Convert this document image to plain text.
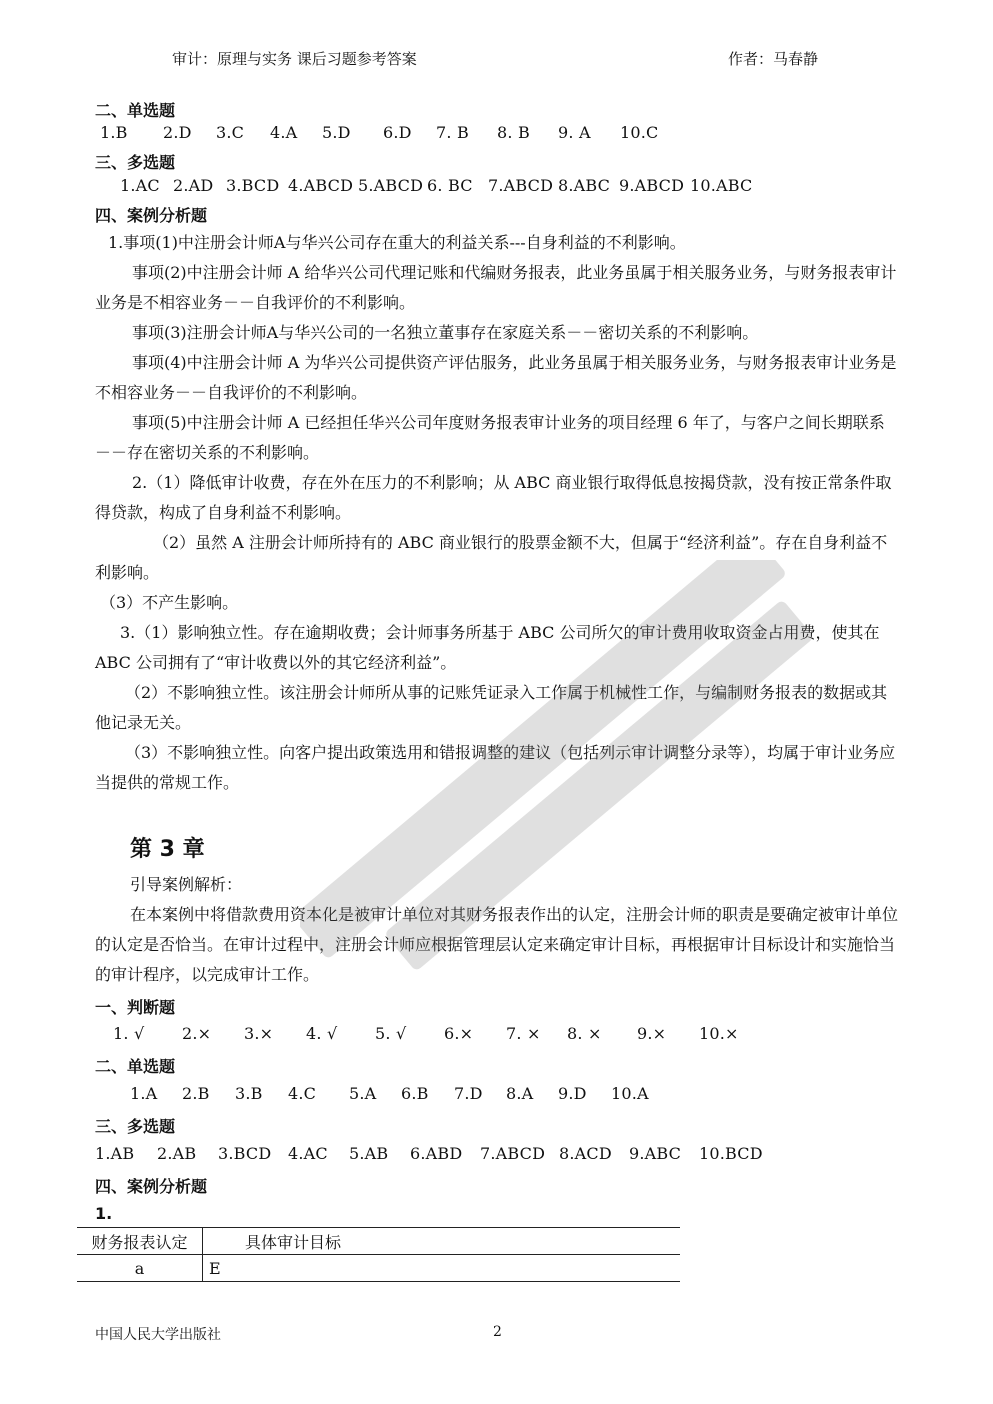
审计：原理与实务 课后习题参考答案	作者：马春静
二、单选题
1.B 2.D 3.C 4.A 5.D 6.D 7. B 8. B 9. A 10.C
三、多选题
1.AC 2.AD 3.BCD 4.ABCD 5.ABCD 6. BC 7.ABCD 8.ABC 9.ABCD 10.ABC
四、案例分析题
1.事项(1)中注册会计师A与华兴公司存在重大的利益关系---自身利益的不利影响。
事项(2)中注册会计师 A 给华兴公司代理记账和代编财务报表，此业务虽属于相关服务业务，与财务报表审计业务是不相容业务－－自我评价的不利影响。
事项(3)注册会计师A与华兴公司的一名独立董事存在家庭关系－－密切关系的不利影响。
事项(4)中注册会计师 A 为华兴公司提供资产评估服务，此业务虽属于相关服务业务，与财务报表审计业务是不相容业务－－自我评价的不利影响。
事项(5)中注册会计师 A 已经担任华兴公司年度财务报表审计业务的项目经理 6 年了，与客户之间长期联系－－存在密切关系的不利影响。
2.（1）降低审计收费，存在外在压力的不利影响；从 ABC 商业银行取得低息按揭贷款，没有按正常条件取得贷款，构成了自身利益不利影响。
（2）虽然 A 注册会计师所持有的 ABC 商业银行的股票金额不大，但属于“经济利益”。存在自身利益不利影响。
（3）不产生影响。
3.（1）影响独立性。存在逾期收费；会计师事务所基于 ABC 公司所欠的审计费用收取资金占用费，使其在 ABC 公司拥有了“审计收费以外的其它经济利益”。
（2）不影响独立性。该注册会计师所从事的记账凭证录入工作属于机械性工作，与编制财务报表的数据或其他记录无关。
（3）不影响独立性。向客户提出政策选用和错报调整的建议（包括列示审计调整分录等），均属于审计业务应当提供的常规工作。
第 3 章
引导案例解析：
在本案例中将借款费用资本化是被审计单位对其财务报表作出的认定，注册会计师的职责是要确定被审计单位的认定是否恰当。在审计过程中，注册会计师应根据管理层认定来确定审计目标，再根据审计目标设计和实施恰当的审计程序，以完成审计工作。
一、判断题
1. √ 2.× 3.× 4. √ 5. √ 6.× 7. × 8. × 9.× 10.×
二、单选题
1.A 2.B 3.B 4.C 5.A 6.B 7.D 8.A 9.D 10.A
三、多选题
1.AB 2.AB 3.BCD 4.AC 5.AB 6.ABD 7.ABCD 8.ACD 9.ABC 10.BCD
四、案例分析题
1.
财务报表认定	具体审计目标
a	E
中国人民大学出版社	2
